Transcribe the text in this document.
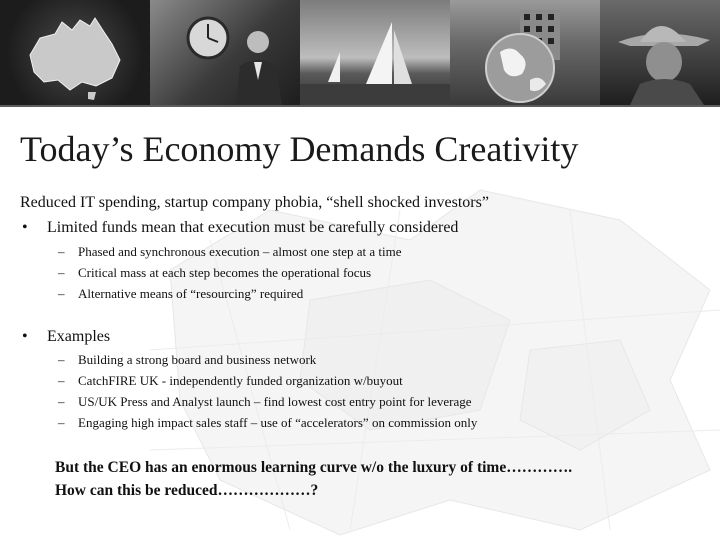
Today’s Economy Demands Creativity

Reduced IT spending, startup company phobia, “shell shocked investors”

• Limited funds mean that execution must be carefully considered
– Phased and synchronous execution – almost one step at a time
– Critical mass at each step becomes the operational focus
– Alternative means of “resourcing” required
• Examples
– Building a strong board and business network
– CatchFIRE UK - independently funded organization w/buyout
– US/UK Press and Analyst launch – find lowest cost entry point for leverage
– Engaging high impact sales staff – use of “accelerators” on commission only

But the CEO has an enormous learning curve w/o the luxury of time………….

How can this be reduced………………?
